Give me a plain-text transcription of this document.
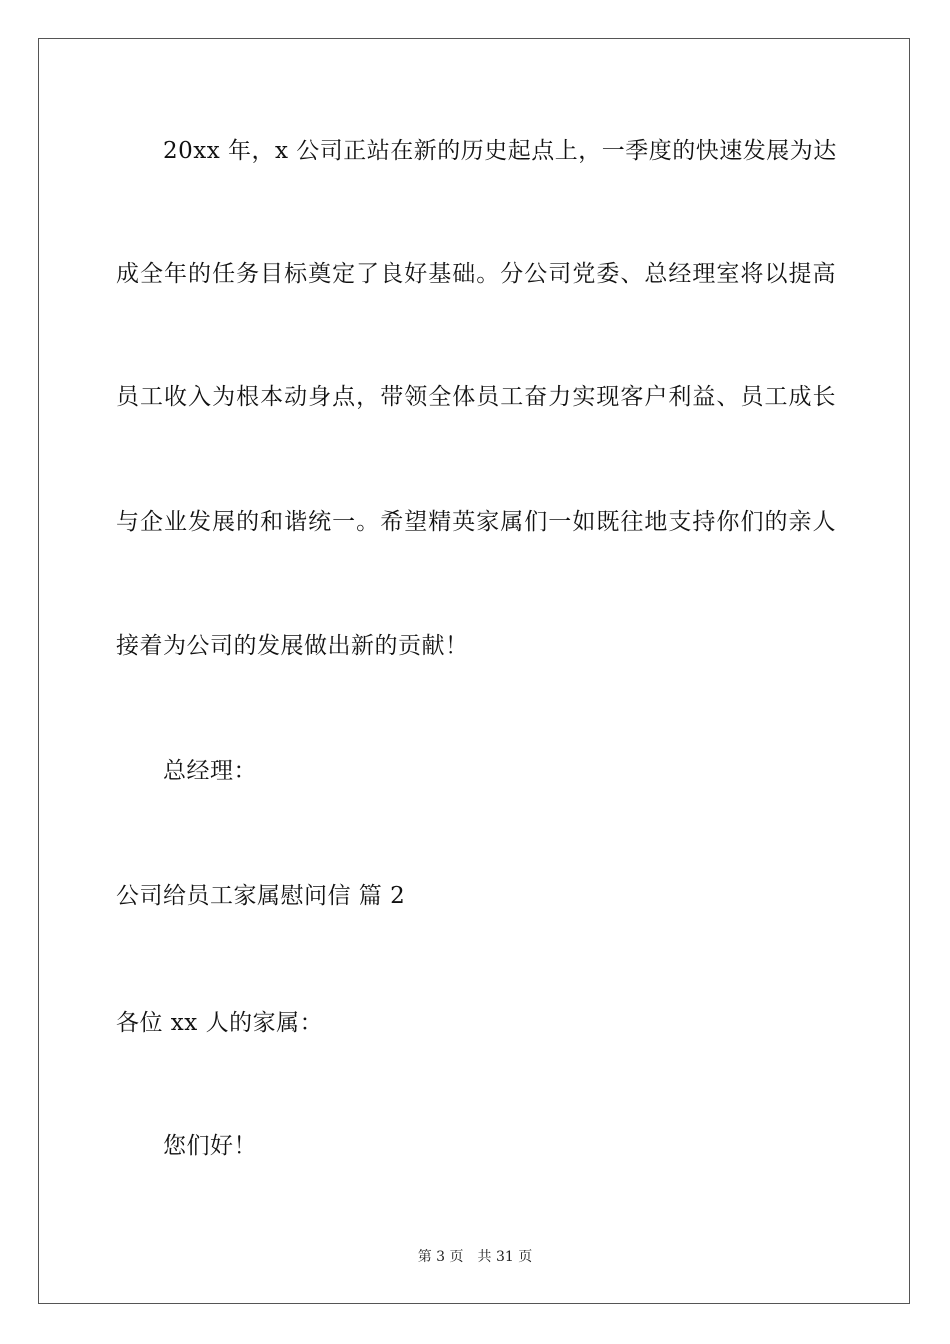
20xx 年，x 公司正站在新的历史起点上，一季度的快速发展为达
成全年的任务目标奠定了良好基础。分公司党委、总经理室将以提高
员工收入为根本动身点，带领全体员工奋力实现客户利益、员工成长
与企业发展的和谐统一。希望精英家属们一如既往地支持你们的亲人
接着为公司的发展做出新的贡献！
总经理：
公司给员工家属慰问信 篇 2
各位 xx 人的家属：
您们好！
第 3 页 共 31 页
